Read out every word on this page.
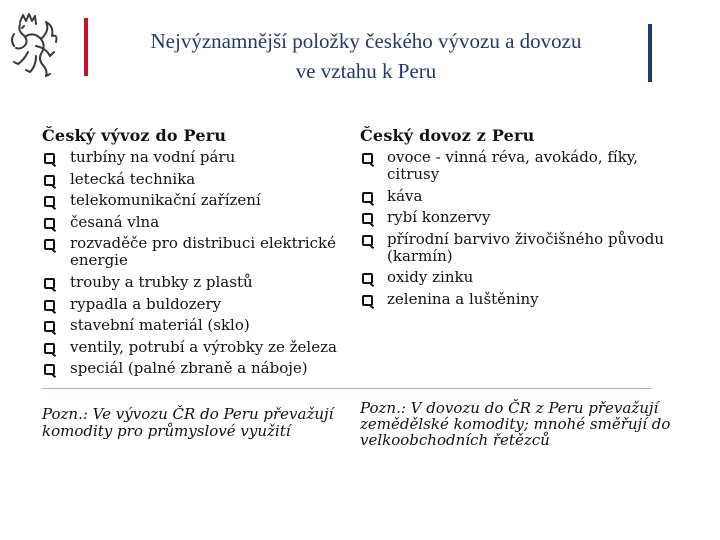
Nejvýznamnější položky českého vývozu a dovozu
ve vztahu k Peru
Český vývoz do Peru
turbíny na vodní páru
letecká technika
telekomunikační zařízení
česaná vlna
rozvaděče pro distribuci elektrické energie
trouby a trubky z plastů
rypadla a buldozery
stavební materiál (sklo)
ventily, potrubí a výrobky ze železa
speciál (palné zbraně a náboje)
Český dovoz z Peru
ovoce - vinná réva, avokádo, fíky, citrusy
káva
rybí konzervy
přírodní barvivo živočišného původu (karmín)
oxidy zinku
zelenina a luštěniny
Pozn.: Ve vývozu ČR do Peru převažují komodity pro průmyslové využití
Pozn.: V dovozu do ČR z Peru převažují zemědělské komodity; mnohé směřují do velkoobchodních řetězců
